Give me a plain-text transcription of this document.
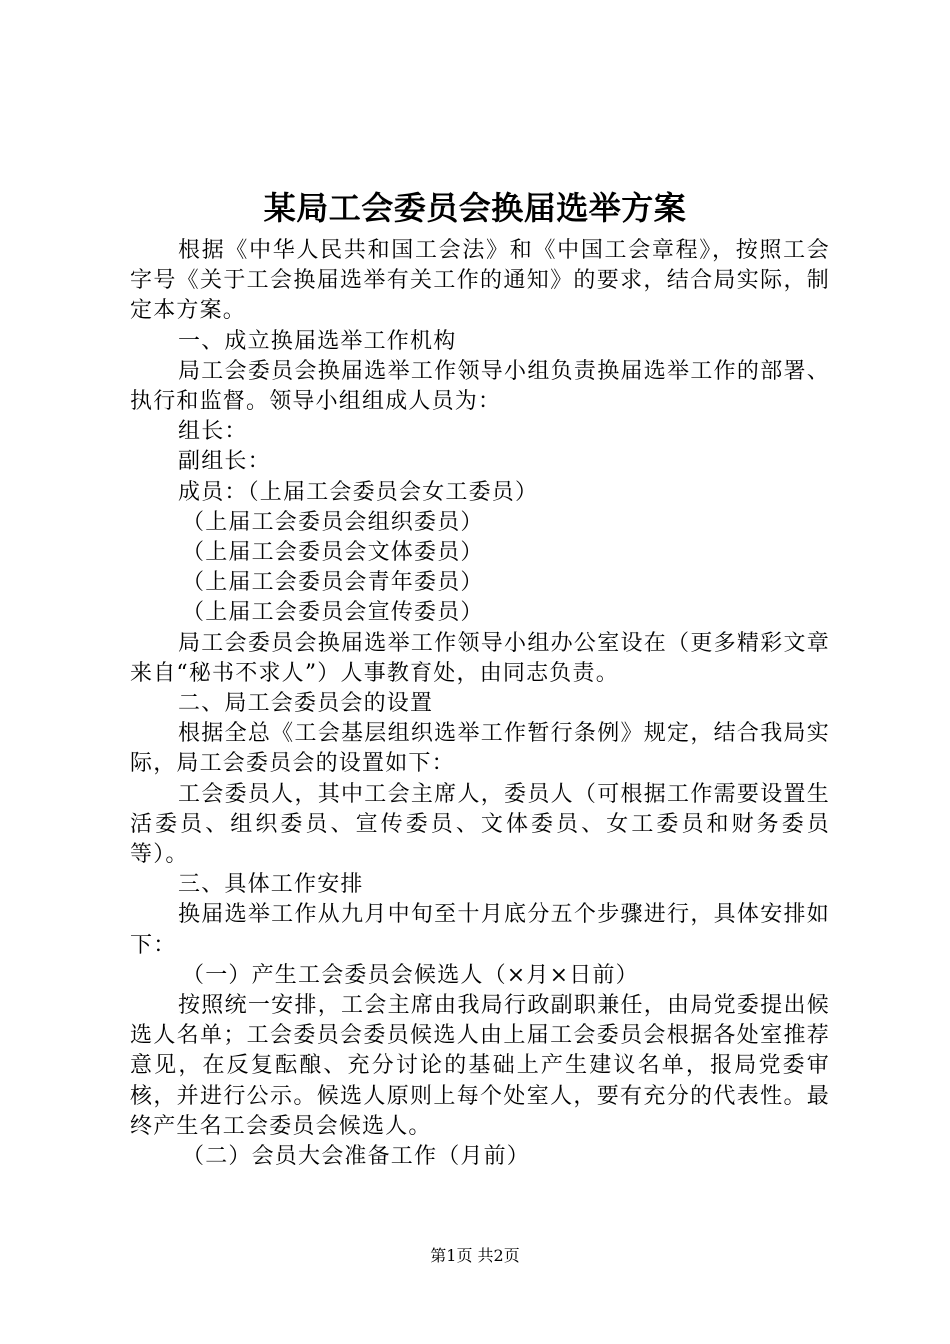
某局工会委员会换届选举方案

根据《中华人民共和国工会法》和《中国工会章程》，按照工会字号《关于工会换届选举有关工作的通知》的要求，结合局实际，制定本方案。

一、成立换届选举工作机构

局工会委员会换届选举工作领导小组负责换届选举工作的部署、执行和监督。领导小组组成人员为：

组长：

副组长：

成员：（上届工会委员会女工委员）

（上届工会委员会组织委员）

（上届工会委员会文体委员）

（上届工会委员会青年委员）

（上届工会委员会宣传委员）

局工会委员会换届选举工作领导小组办公室设在（更多精彩文章来自“秘书不求人”）人事教育处，由同志负责。

二、局工会委员会的设置

根据全总《工会基层组织选举工作暂行条例》规定，结合我局实际，局工会委员会的设置如下：

工会委员人，其中工会主席人，委员人（可根据工作需要设置生活委员、组织委员、宣传委员、文体委员、女工委员和财务委员等）。

三、具体工作安排

换届选举工作从九月中旬至十月底分五个步骤进行，具体安排如下：

（一）产生工会委员会候选人（×月×日前）

按照统一安排，工会主席由我局行政副职兼任，由局党委提出候选人名单；工会委员会委员候选人由上届工会委员会根据各处室推荐意见，在反复酝酿、充分讨论的基础上产生建议名单，报局党委审核，并进行公示。候选人原则上每个处室人，要有充分的代表性。最终产生名工会委员会候选人。

（二）会员大会准备工作（月前）

第1页 共2页
